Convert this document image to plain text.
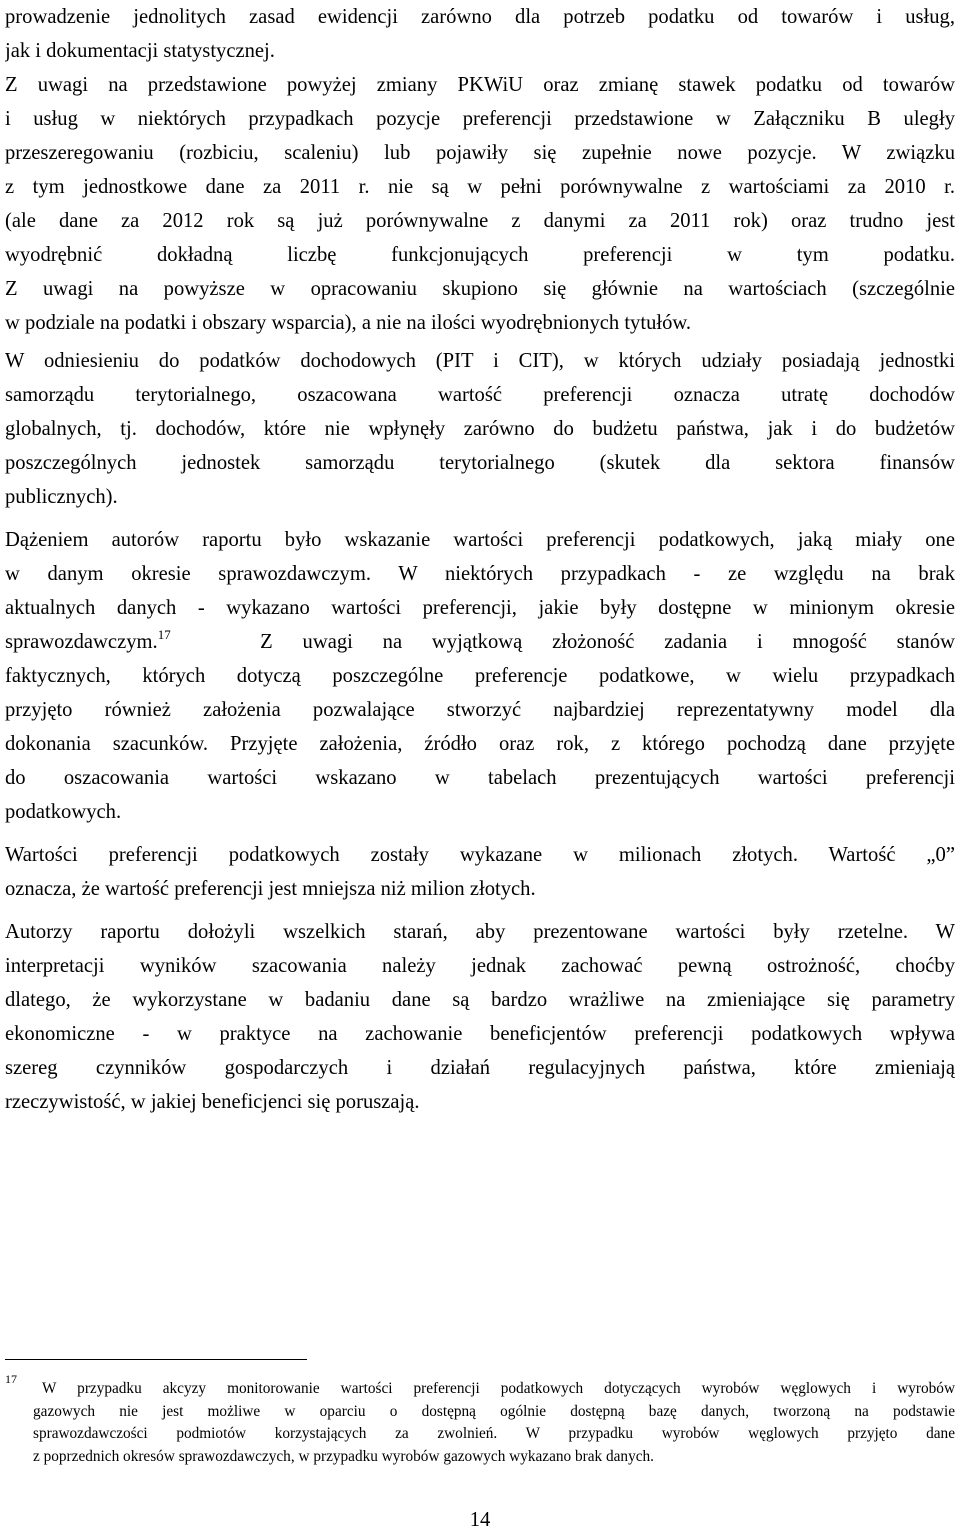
prowadzenie jednolitych zasad ewidencji zarówno dla potrzeb podatku od towarów i usług,
jak i dokumentacji statystycznej.
Z uwagi na przedstawione powyżej zmiany PKWiU oraz zmianę stawek podatku od towarów
i usług w niektórych przypadkach pozycje preferencji przedstawione w Załączniku B uległy
przeszeregowaniu (rozbiciu, scaleniu) lub pojawiły się zupełnie nowe pozycje. W związku
z tym jednostkowe dane za 2011 r. nie są w pełni porównywalne z wartościami za 2010 r.
(ale dane za 2012 rok są już porównywalne z danymi za 2011 rok) oraz trudno jest
wyodrębnić dokładną liczbę funkcjonujących preferencji w tym podatku.
Z uwagi na powyższe w opracowaniu skupiono się głównie na wartościach (szczególnie
w podziale na podatki i obszary wsparcia), a nie na ilości wyodrębnionych tytułów.
W odniesieniu do podatków dochodowych (PIT i CIT), w których udziały posiadają jednostki
samorządu terytorialnego, oszacowana wartość preferencji oznacza utratę dochodów
globalnych, tj. dochodów, które nie wpłynęły zarówno do budżetu państwa, jak i do budżetów
poszczególnych jednostek samorządu terytorialnego (skutek dla sektora finansów
publicznych).
Dążeniem autorów raportu było wskazanie wartości preferencji podatkowych, jaką miały one
w danym okresie sprawozdawczym. W niektórych przypadkach - ze względu na brak
aktualnych danych - wykazano wartości preferencji, jakie były dostępne w minionym okresie
sprawozdawczym.$^{17}$	Z uwagi na wyjątkową złożoność zadania i mnogość stanów
faktycznych, których dotyczą poszczególne preferencje podatkowe, w wielu przypadkach
przyjęto również założenia pozwalające stworzyć najbardziej reprezentatywny model dla
dokonania szacunków. Przyjęte założenia, źródło oraz rok, z którego pochodzą dane przyjęte
do oszacowania wartości wskazano w tabelach prezentujących wartości preferencji
podatkowych.
Wartości preferencji podatkowych zostały wykazane w milionach złotych. Wartość „0”
oznacza, że wartość preferencji jest mniejsza niż milion złotych.
Autorzy raportu dołożyli wszelkich starań, aby prezentowane wartości były rzetelne. W
interpretacji wyników szacowania należy jednak zachować pewną ostrożność, choćby
dlatego, że wykorzystane w badaniu dane są bardzo wrażliwe na zmieniające się parametry
ekonomiczne - w praktyce na zachowanie beneficjentów preferencji podatkowych wpływa
szereg czynników gospodarczych i działań regulacyjnych państwa, które zmieniają
rzeczywistość, w jakiej beneficjenci się poruszają.
17
W przypadku akcyzy monitorowanie wartości preferencji podatkowych dotyczących wyrobów węglowych i wyrobów
gazowych nie jest możliwe w oparciu o dostępną ogólnie dostępną bazę danych, tworzoną na podstawie
sprawozdawczości podmiotów korzystających za zwolnień. W przypadku wyrobów węglowych przyjęto dane
z poprzednich okresów sprawozdawczych, w przypadku wyrobów gazowych wykazano brak danych.
14
